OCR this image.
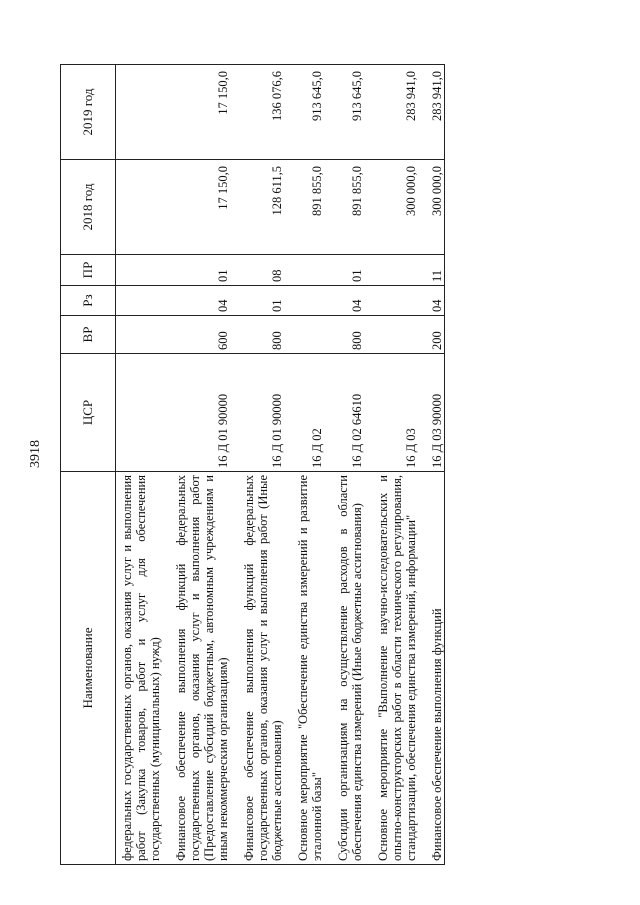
3918
Наименование	ЦСР	ВР	Рз	ПР	2018 год	2019 год
федеральных государственных органов, оказания услуг и выполнения работ (Закупка товаров, работ и услуг для обеспечения государственных (муниципальных) нужд)						

Финансовое обеспечение выполнения функций федеральных государственных органов, оказания услуг и выполнения работ (Предоставление субсидий бюджетным, автономным учреждениям и иным некоммерческим организациям)	16 Д 01 90000	600	04	01	17 150,0	17 150,0

Финансовое обеспечение выполнения функций федеральных государственных органов, оказания услуг и выполнения работ (Иные бюджетные ассигнования)	16 Д 01 90000	800	01	08	128 611,5	136 076,6

Основное мероприятие "Обеспечение единства измерений и развитие эталонной базы"	16 Д 02				891 855,0	913 645,0

Субсидии организациям на осуществление расходов в области обеспечения единства измерений (Иные бюджетные ассигнования)	16 Д 02 64610	800	04	01	891 855,0	913 645,0

Основное мероприятие "Выполнение научно-исследовательских и опытно-конструкторских работ в области технического регулирования, стандартизации, обеспечения единства измерений, информации"	16 Д 03				300 000,0	283 941,0

Финансовое обеспечение выполнения функций	16 Д 03 90000	200	04	11	300 000,0	283 941,0
